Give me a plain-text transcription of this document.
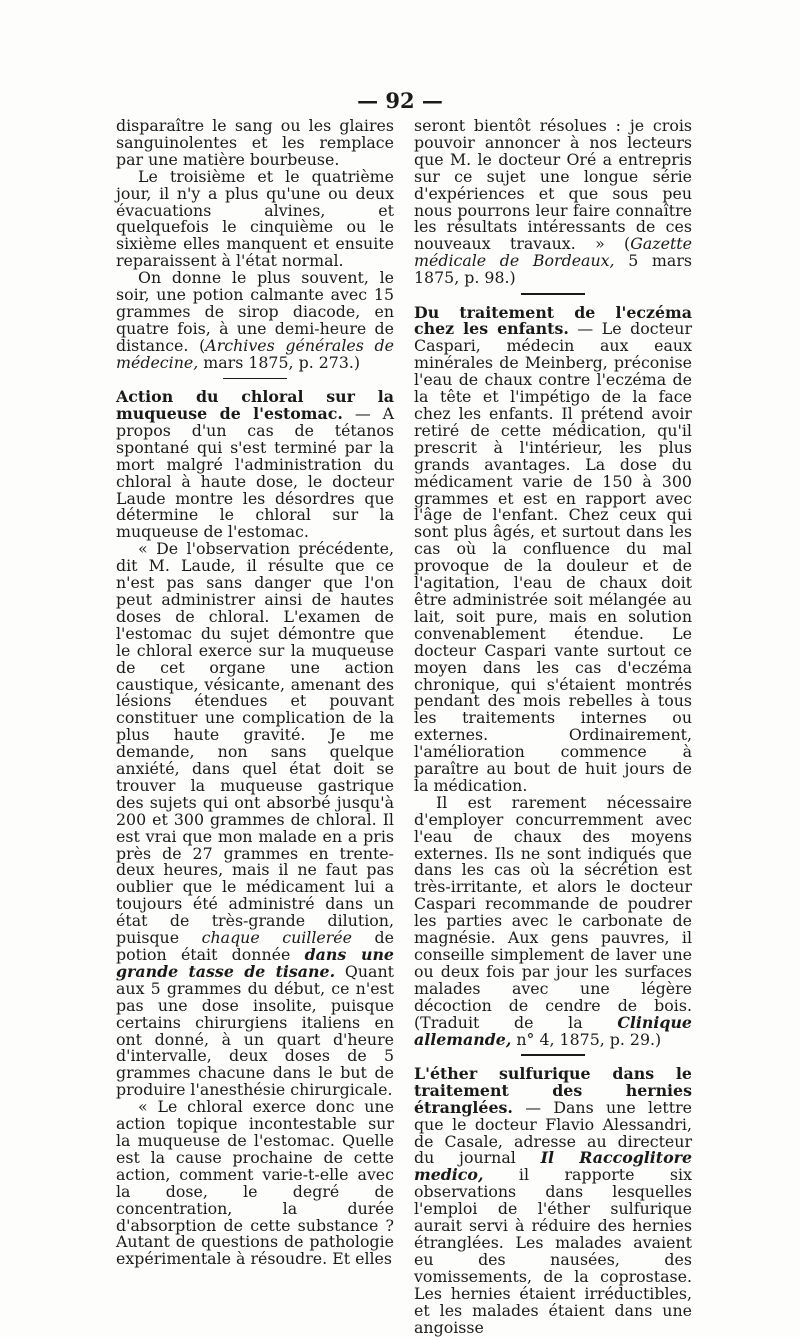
— 92 —

disparaître le sang ou les glaires sanguinolentes et les remplace par une matière bourbeuse.

Le troisième et le quatrième jour, il n'y a plus qu'une ou deux évacuations alvines, et quelquefois le cinquième ou le sixième elles manquent et ensuite reparaissent à l'état normal.

On donne le plus souvent, le soir, une potion calmante avec 15 grammes de sirop diacode, en quatre fois, à une demi-heure de distance. (Archives générales de médecine, mars 1875, p. 273.)

Action du chloral sur la muqueuse de l'estomac. — A propos d'un cas de tétanos spontané qui s'est terminé par la mort malgré l'administration du chloral à haute dose, le docteur Laude montre les désordres que détermine le chloral sur la muqueuse de l'estomac.

« De l'observation précédente, dit M. Laude, il résulte que ce n'est pas sans danger que l'on peut administrer ainsi de hautes doses de chloral. L'examen de l'estomac du sujet démontre que le chloral exerce sur la muqueuse de cet organe une action caustique, vésicante, amenant des lésions étendues et pouvant constituer une complication de la plus haute gravité. Je me demande, non sans quelque anxiété, dans quel état doit se trouver la muqueuse gastrique des sujets qui ont absorbé jusqu'à 200 et 300 grammes de chloral. Il est vrai que mon malade en a pris près de 27 grammes en trente-deux heures, mais il ne faut pas oublier que le médicament lui a toujours été administré dans un état de très-grande dilution, puisque chaque cuillerée de potion était donnée dans une grande tasse de tisane. Quant aux 5 grammes du début, ce n'est pas une dose insolite, puisque certains chirurgiens italiens en ont donné, à un quart d'heure d'intervalle, deux doses de 5 grammes chacune dans le but de produire l'anesthésie chirurgicale.

« Le chloral exerce donc une action topique incontestable sur la muqueuse de l'estomac. Quelle est la cause prochaine de cette action, comment varie-t-elle avec la dose, le degré de concentration, la durée d'absorption de cette substance ? Autant de questions de pathologie expérimentale à résoudre. Et elles

seront bientôt résolues : je crois pouvoir annoncer à nos lecteurs que M. le docteur Oré a entrepris sur ce sujet une longue série d'expériences et que sous peu nous pourrons leur faire connaître les résultats intéressants de ces nouveaux travaux. » (Gazette médicale de Bordeaux, 5 mars 1875, p. 98.)

Du traitement de l'eczéma chez les enfants. — Le docteur Caspari, médecin aux eaux minérales de Meinberg, préconise l'eau de chaux contre l'eczéma de la tête et l'impétigo de la face chez les enfants. Il prétend avoir retiré de cette médication, qu'il prescrit à l'intérieur, les plus grands avantages. La dose du médicament varie de 150 à 300 grammes et est en rapport avec l'âge de l'enfant. Chez ceux qui sont plus âgés, et surtout dans les cas où la confluence du mal provoque de la douleur et de l'agitation, l'eau de chaux doit être administrée soit mélangée au lait, soit pure, mais en solution convenablement étendue. Le docteur Caspari vante surtout ce moyen dans les cas d'eczéma chronique, qui s'étaient montrés pendant des mois rebelles à tous les traitements internes ou externes. Ordinairement, l'amélioration commence à paraître au bout de huit jours de la médication.

Il est rarement nécessaire d'employer concurremment avec l'eau de chaux des moyens externes. Ils ne sont indiqués que dans les cas où la sécrétion est très-irritante, et alors le docteur Caspari recommande de poudrer les parties avec le carbonate de magnésie. Aux gens pauvres, il conseille simplement de laver une ou deux fois par jour les surfaces malades avec une légère décoction de cendre de bois. (Traduit de la Clinique allemande, n° 4, 1875, p. 29.)

L'éther sulfurique dans le traitement des hernies étranglées. — Dans une lettre que le docteur Flavio Alessandri, de Casale, adresse au directeur du journal Il Raccoglitore medico, il rapporte six observations dans lesquelles l'emploi de l'éther sulfurique aurait servi à réduire des hernies étranglées. Les malades avaient eu des nausées, des vomissements, de la coprostase. Les hernies étaient irréductibles, et les malades étaient dans une angoisse
